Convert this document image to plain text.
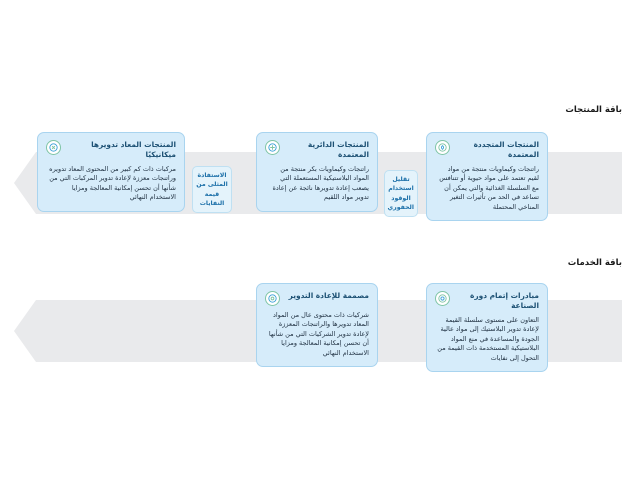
باقة المنتجات
المنتجات المعاد تدويرها ميكانيكيًا
مركبات ذات كم كبير من المحتوى المعاد تدويره وراتنجات معززة لإعادة تدوير المركبات التي من شأنها أن تحسن إمكانية المعالجة ومزايا الاستخدام النهائي
الاستفادة المثلى من قيمة النفايات
المنتجات الدائرية المعتمدة
راتنجات وكيماويات بكر منتجة من المواد البلاستيكية المستعملة التي يصعب إعادة تدويرها نائجة عن إعادة تدوير مواد اللقيم
تقليل استخدام الوقود الحفوري
المنتجات المتجددة المعتمدة
راتنجات وكيماويات منتجة من مواد لقيم تعتمد على مواد حيوية أو تتنافس مع السلسلة الغذائية والتي يمكن أن تساعد في الحد من تأثيرات التغير المناخي المحتملة
باقة الخدمات
مصممة للإعادة التدوير
شركيات ذات محتوى عال من المواد المعاد تدويرها والراتنجات المعززة لإعادة تدوير الشركيات التي من شأنها أن تحسن إمكانية المعالجة ومزايا الاستخدام النهائي
مبادرات إتمام دورة الصناعة
التعاون على مستوى سلسلة القيمة لإعادة تدوير البلاستيك إلى مواد عالية الجودة والمساعدة في منع المواد البلاستيكية المستخدمة ذات القيمة من التحول إلى نفايات
